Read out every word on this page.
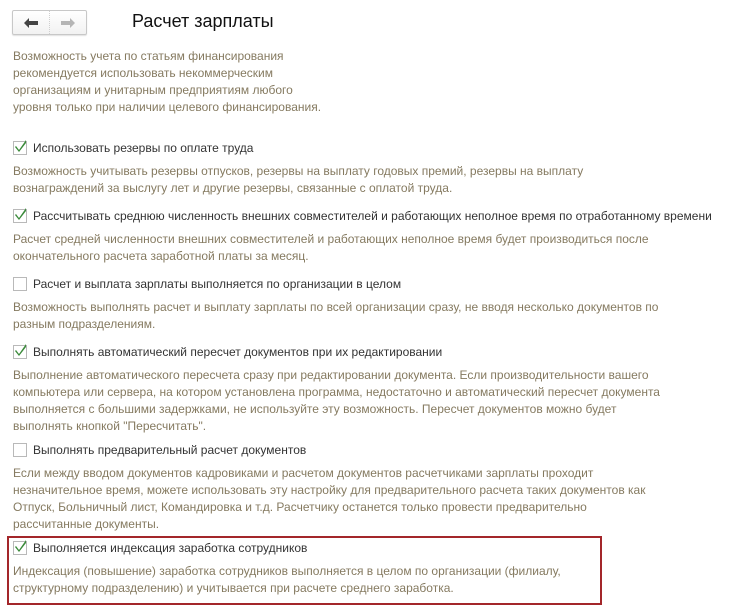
Расчет зарплаты
Возможность учета по статьям финансирования
рекомендуется использовать некоммерческим
организациям и унитарным предприятиям любого
уровня только при наличии целевого финансирования.
Использовать резервы по оплате труда
Возможность учитывать резервы отпусков, резервы на выплату годовых премий, резервы на выплату
вознаграждений за выслугу лет и другие резервы, связанные с оплатой труда.
Рассчитывать среднюю численность внешних совместителей и работающих неполное время по отработанному времени
Расчет средней численности внешних совместителей и работающих неполное время будет производиться после
окончательного расчета заработной платы за месяц.
Расчет и выплата зарплаты выполняется по организации в целом
Возможность выполнять расчет и выплату зарплаты по всей организации сразу, не вводя несколько документов по
разным подразделениям.
Выполнять автоматический пересчет документов при их редактировании
Выполнение автоматического пересчета сразу при редактировании документа. Если производительности вашего
компьютера или сервера, на котором установлена программа, недостаточно и автоматический пересчет документа
выполняется с большими задержками, не используйте эту возможность. Пересчет документов можно будет
выполнять кнопкой "Пересчитать".
Выполнять предварительный расчет документов
Если между вводом документов кадровиками и расчетом документов расчетчиками зарплаты проходит
незначительное время, можете использовать эту настройку для предварительного расчета таких документов как
Отпуск, Больничный лист, Командировка и т.д. Расчетчику останется только провести предварительно
рассчитанные документы.
Выполняется индексация заработка сотрудников
Индексация (повышение) заработка сотрудников выполняется в целом по организации (филиалу,
структурному подразделению) и учитывается при расчете среднего заработка.
